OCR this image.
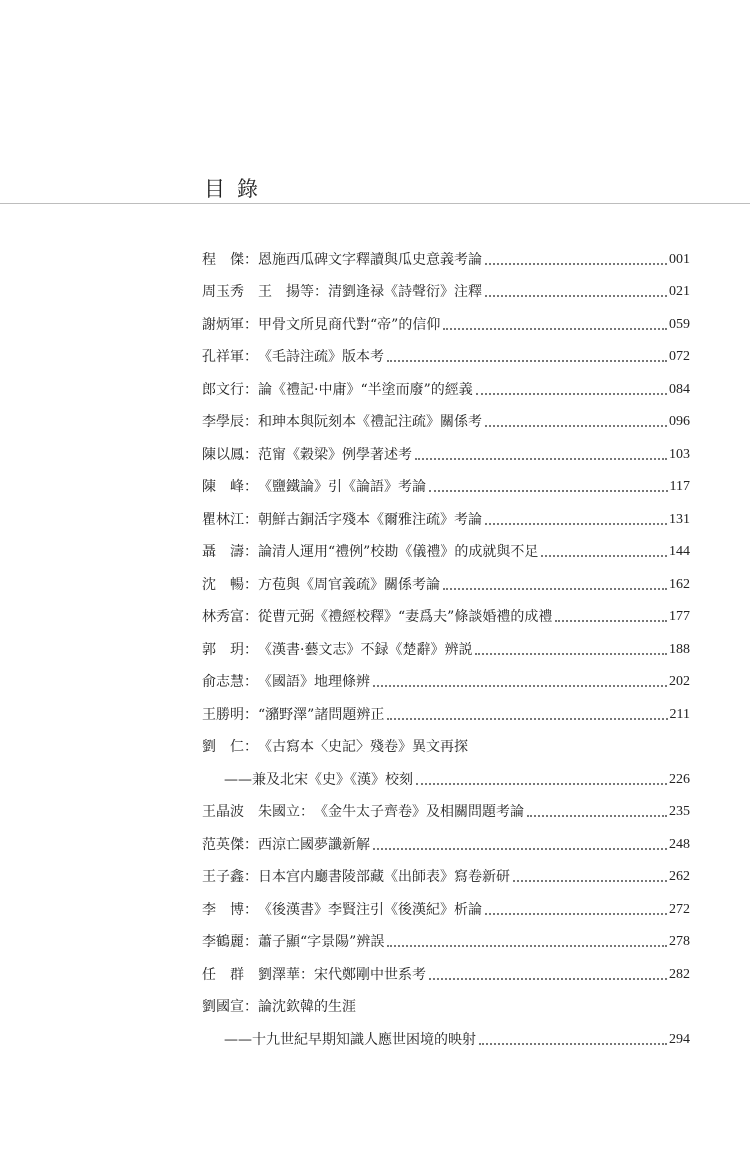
目錄
程　傑 ： 恩施西瓜碑文字釋讀與瓜史意義考論	001
周玉秀　王　揚等 ： 清劉逢禄《詩聲衍》注釋	021
謝炳軍 ： 甲骨文所見商代對“帝”的信仰	059
孔祥軍 ： 《毛詩注疏》版本考	072
郎文行 ： 論《禮記·中庸》“半塗而廢”的經義	084
李學辰 ： 和珅本與阮刻本《禮記注疏》關係考	096
陳以鳳 ： 范甯《穀梁》例學著述考	103
陳　峰 ： 《鹽鐵論》引《論語》考論	117
瞿林江 ： 朝鮮古銅活字殘本《爾雅注疏》考論	131
聶　濤 ： 論清人運用“禮例”校勘《儀禮》的成就與不足	144
沈　暢 ： 方苞與《周官義疏》關係考論	162
林秀富 ： 從曹元弼《禮經校釋》“妻爲夫”條談婚禮的成禮	177
郭　玥 ： 《漢書·藝文志》不録《楚辭》辨説	188
俞志慧 ： 《國語》地理條辨	202
王勝明 ： “瀦野澤”諸問題辨正	211
劉　仁 ： 《古寫本〈史記〉殘卷》異文再探
——兼及北宋《史》《漢》校刻	226
王晶波　朱國立 ： 《金牛太子齊卷》及相關問題考論	235
范英傑 ： 西涼亡國夢讖新解	248
王子鑫 ： 日本宫内廳書陵部藏《出師表》寫卷新研	262
李　博 ： 《後漢書》李賢注引《後漢紀》析論	272
李鶴麗 ： 蕭子顯“字景陽”辨誤	278
任　群　劉澤華 ： 宋代鄭剛中世系考	282
劉國宣 ： 論沈欽韓的生涯
——十九世紀早期知識人應世困境的映射	294
